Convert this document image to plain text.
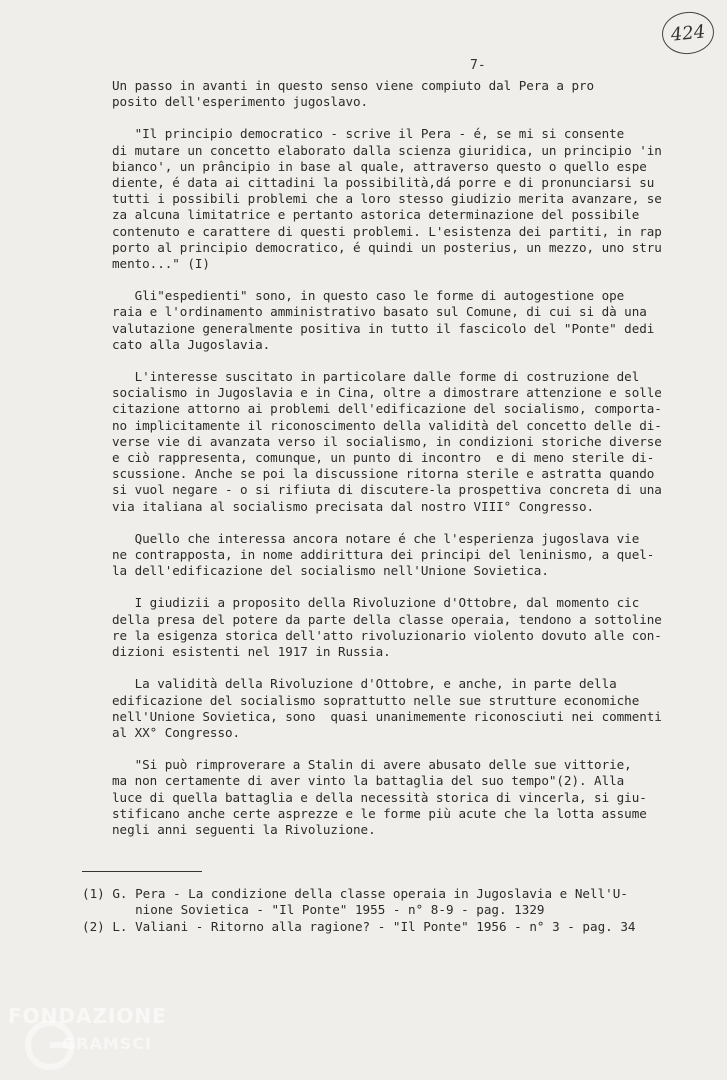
424
7-

Un passo in avanti in questo senso viene compiuto dal Pera a pro

posito dell'esperimento jugoslavo.

"Il principio democratico - scrive il Pera - é, se mi si consente

di mutare un concetto elaborato dalla scienza giuridica, un principio 'in

bianco', un prâncipio in base al quale, attraverso questo o quello espe

diente, é data ai cittadini la possibilità,dá porre e di pronunciarsi su

tutti i possibili problemi che a loro stesso giudizio merita avanzare, se

za alcuna limitatrice e pertanto astorica determinazione del possibile

contenuto e carattere di questi problemi. L'esistenza dei partiti, in rap

porto al principio democratico, é quindi un posterius, un mezzo, uno stru

mento..." (I)

Gli"espedienti" sono, in questo caso le forme di autogestione ope

raia e l'ordinamento amministrativo basato sul Comune, di cui si dà una

valutazione generalmente positiva in tutto il fascicolo del "Ponte" dedi

cato alla Jugoslavia.

L'interesse suscitato in particolare dalle forme di costruzione del

socialismo in Jugoslavia e in Cina, oltre a dimostrare attenzione e solle

citazione attorno ai problemi dell'edificazione del socialismo, comporta-

no implicitamente il riconoscimento della validità del concetto delle di-

verse vie di avanzata verso il socialismo, in condizioni storiche diverse

e ciò rappresenta, comunque, un punto di incontro  e di meno sterile di-

scussione. Anche se poi la discussione ritorna sterile e astratta quando

si vuol negare - o si rifiuta di discutere-la prospettiva concreta di una

via italiana al socialismo precisata dal nostro VIII° Congresso.

Quello che interessa ancora notare é che l'esperienza jugoslava vie

ne contrapposta, in nome addirittura dei principi del leninismo, a quel-

la dell'edificazione del socialismo nell'Unione Sovietica.

I giudizii a proposito della Rivoluzione d'Ottobre, dal momento cic

della presa del potere da parte della classe operaia, tendono a sottoline

re la esigenza storica dell'atto rivoluzionario violento dovuto alle con-

dizioni esistenti nel 1917 in Russia.

La validità della Rivoluzione d'Ottobre, e anche, in parte della

edificazione del socialismo soprattutto nelle sue strutture economiche

nell'Unione Sovietica, sono  quasi unanimemente riconosciuti nei commenti

al XX° Congresso.

"Si può rimproverare a Stalin di avere abusato delle sue vittorie,

ma non certamente di aver vinto la battaglia del suo tempo"(2). Alla

luce di quella battaglia e della necessità storica di vincerla, si giu-

stificano anche certe asprezze e le forme più acute che la lotta assume

negli anni seguenti la Rivoluzione.

(1) G. Pera - La condizione della classe operaia in Jugoslavia e Nell'U-

nione Sovietica - "Il Ponte" 1955 - n° 8-9 - pag. 1329

(2) L. Valiani - Ritorno alla ragione? - "Il Ponte" 1956 - n° 3 - pag. 34

FONDAZIONE
GRAMSCI
